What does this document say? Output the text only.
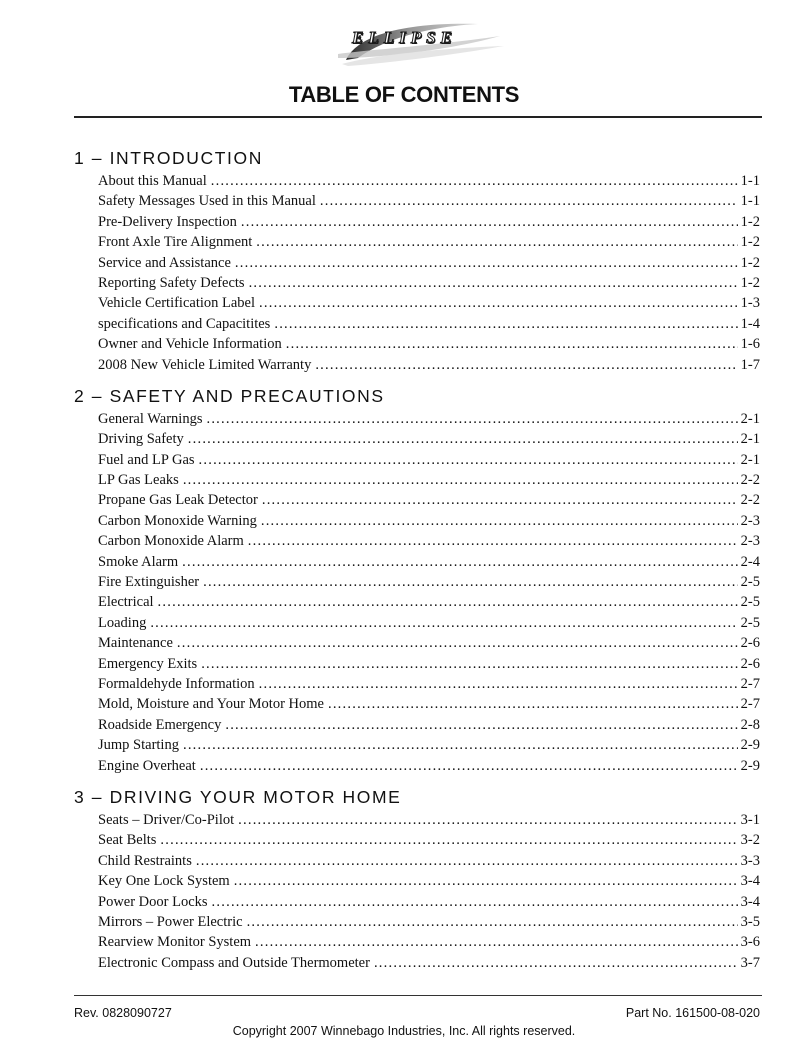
ELLIPSE
TABLE OF CONTENTS
1 – INTRODUCTION
About this Manual . . .	1-1
Safety Messages Used in this Manual . . .	1-1
Pre-Delivery Inspection . . .	1-2
Front Axle Tire Alignment . . .	1-2
Service and Assistance . . .	1-2
Reporting Safety Defects . . .	1-2
Vehicle Certification Label . . .	1-3
specifications and Capacitites . . .	1-4
Owner and Vehicle Information . . .	1-6
2008 New Vehicle Limited Warranty . . .	1-7
2 – SAFETY AND PRECAUTIONS
General Warnings . . .	2-1
Driving Safety . . .	2-1
Fuel and LP Gas . . .	2-1
LP Gas Leaks . . .	2-2
Propane Gas Leak Detector . . .	2-2
Carbon Monoxide Warning . . .	2-3
Carbon Monoxide Alarm . . .	2-3
Smoke Alarm . . .	2-4
Fire Extinguisher . . .	2-5
Electrical . . .	2-5
Loading . . .	2-5
Maintenance . . .	2-6
Emergency Exits . . .	2-6
Formaldehyde Information . . .	2-7
Mold, Moisture and Your Motor Home . . .	2-7
Roadside Emergency . . .	2-8
Jump Starting . . .	2-9
Engine Overheat . . .	2-9
3 – DRIVING YOUR MOTOR HOME
Seats – Driver/Co-Pilot . . .	3-1
Seat Belts . . .	3-2
Child Restraints . . .	3-3
Key One Lock System . . .	3-4
Power Door Locks . . .	3-4
Mirrors – Power Electric . . .	3-5
Rearview Monitor System . . .	3-6
Electronic Compass and Outside Thermometer . . .	3-7
Rev. 0828090727	Part No. 161500-08-020
Copyright 2007 Winnebago Industries, Inc. All rights reserved.
